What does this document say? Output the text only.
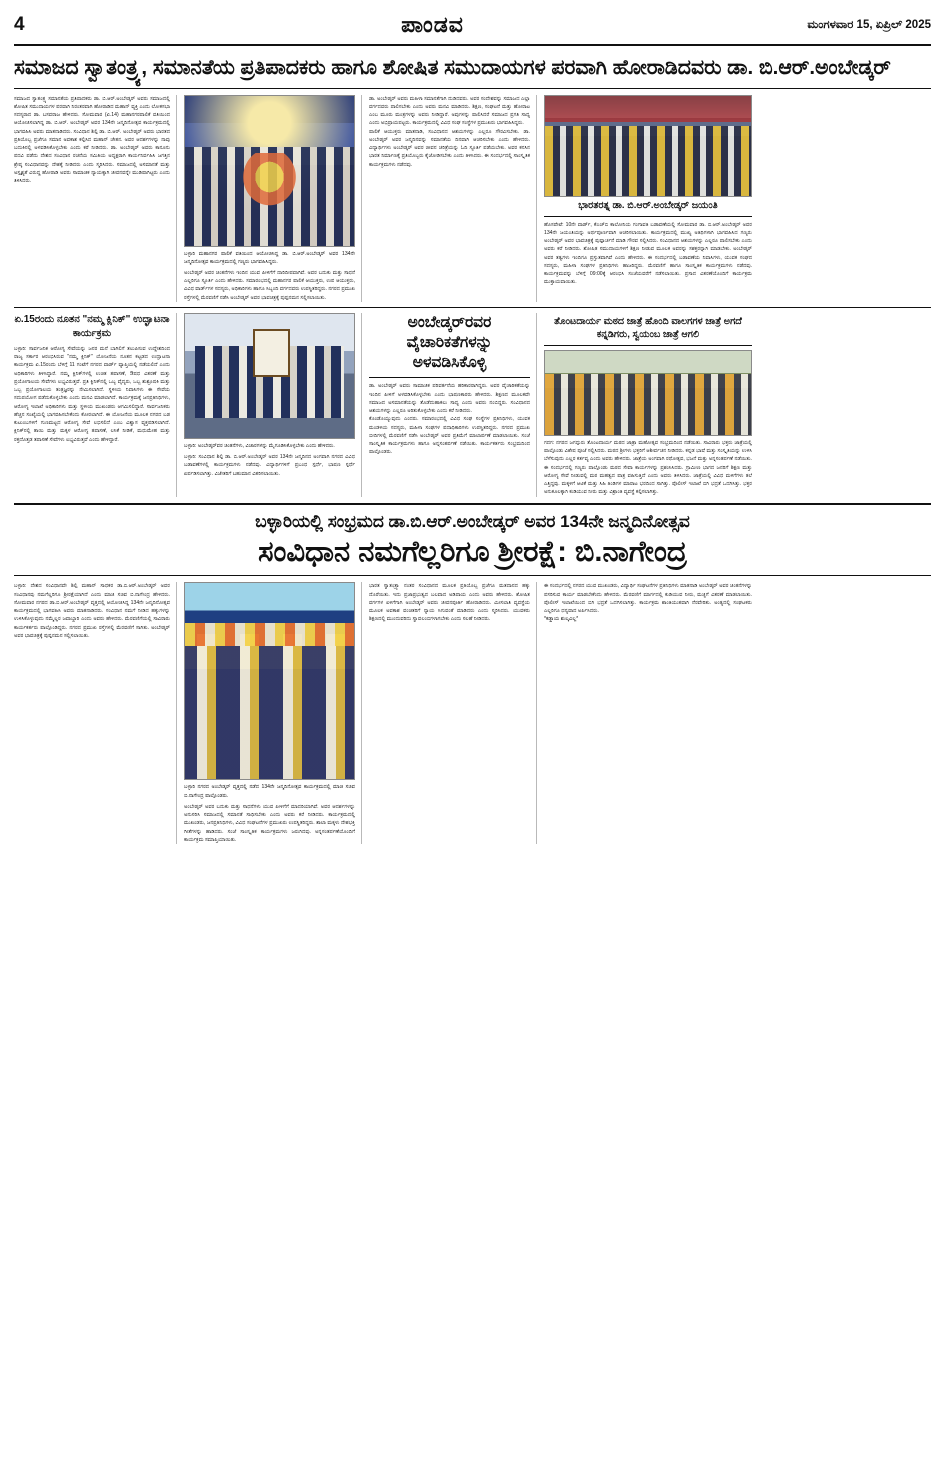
4	ಪಾಂಡವ	ಮಂಗಳವಾರ 15, ಏಪ್ರಿಲ್ 2025
ಸಮಾಜದ ಸ್ವಾತಂತ್ರ್ಯ, ಸಮಾನತೆಯ ಪ್ರತಿಪಾದಕರು ಹಾಗೂ ಶೋಷಿತ ಸಮುದಾಯಗಳ ಪರವಾಗಿ ಹೋರಾಡಿದವರು ಡಾ. ಬಿ.ಆರ್.ಅಂಬೇಡ್ಕರ್
ಸಮಾಜದ ಸ್ವಾತಂತ್ರ್ಯ ಸಮಾನತೆಯ ಪ್ರತಿಪಾದಕರು ಡಾ. ಬಿ.ಆರ್.ಅಂಬೇಡ್ಕರ್ ಅವರು ಸಮಾಜದಲ್ಲಿ ಶೋಷಿತ ಸಮುದಾಯಗಳ ಪರವಾಗಿ ನಿರಂತರವಾಗಿ ಹೋರಾಡಿದ ಮಹಾನ್ ವ್ಯಕ್ತಿ ಎಂದು ಲೋಕಸಭಾ ಸದಸ್ಯರಾದ ಡಾ. ಬಸವರಾಜ ಹೇಳಿದರು. ಸೋಮವಾರ (ಏ.14) ಮಹಾನಗರಪಾಲಿಕೆ ವತಿಯಿಂದ ಆಯೋಜಿಸಲಾಗಿದ್ದ ಡಾ. ಬಿ.ಆರ್. ಅಂಬೇಡ್ಕರ್ ಅವರ 134ನೇ ಜನ್ಮದಿನೋತ್ಸವ ಕಾರ್ಯಕ್ರಮದಲ್ಲಿ ಭಾಗವಹಿಸಿ ಅವರು ಮಾತನಾಡಿದರು. ಸಂವಿಧಾನ ಶಿಲ್ಪಿ ಡಾ. ಬಿ.ಆರ್. ಅಂಬೇಡ್ಕರ್ ಅವರು ಭಾರತದ ಪ್ರತಿಯೊಬ್ಬ ಪ್ರಜೆಗೂ ಸಮಾನ ಅವಕಾಶ ಕಲ್ಪಿಸಿದ ಮಹಾನ್ ಚೇತನ. ಅವರ ಆದರ್ಶಗಳನ್ನು ನಾವು ಬದುಕಿನಲ್ಲಿ ಅಳವಡಿಸಿಕೊಳ್ಳಬೇಕು ಎಂದು ಕರೆ ನೀಡಿದರು. ಡಾ. ಅಂಬೇಡ್ಕರ್ ಅವರು ಕಾನೂನು ಪದವಿ ಪಡೆದು ದೇಶದ ಸಂವಿಧಾನ ರಚನೆಯ ಸಮಿತಿಯ ಅಧ್ಯಕ್ಷರಾಗಿ ಕಾರ್ಯನಿರ್ವಹಿಸಿ ಜಗತ್ತಿನ ಶ್ರೇಷ್ಠ ಸಂವಿಧಾನವನ್ನು ದೇಶಕ್ಕೆ ನೀಡಿದರು ಎಂದು ಸ್ಮರಿಸಿದರು. ಸಮಾಜದಲ್ಲಿ ಅಸಮಾನತೆ ಮತ್ತು ಅಸ್ಪೃಶ್ಯತೆ ವಿರುದ್ಧ ಹೋರಾಡಿ ಅವರು ಸಾಮಾಜಿಕ ನ್ಯಾಯಕ್ಕಾಗಿ ಜೀವನವನ್ನೇ ಮುಡಿಪಾಗಿಟ್ಟರು ಎಂದು ತಿಳಿಸಿದರು.
ಬಳ್ಳಾರಿ ಮಹಾನಗರ ಪಾಲಿಕೆ ವತಿಯಿಂದ ಆಯೋಜಿಸಿದ್ದ ಡಾ. ಬಿ.ಆರ್.ಅಂಬೇಡ್ಕರ್ ಅವರ 134ನೇ ಜನ್ಮದಿನೋತ್ಸವ ಕಾರ್ಯಕ್ರಮದಲ್ಲಿ ಗಣ್ಯರು ಭಾಗವಹಿಸಿದ್ದರು.
ಅಂಬೇಡ್ಕರ್ ಅವರ ಚಿಂತನೆಗಳು ಇಂದಿನ ಯುವ ಪೀಳಿಗೆಗೆ ದಾರಿದೀಪವಾಗಿವೆ. ಅವರ ಬದುಕು ಮತ್ತು ಸಾಧನೆ ಎಲ್ಲರಿಗೂ ಸ್ಫೂರ್ತಿ ಎಂದು ಹೇಳಿದರು. ಸಮಾರಂಭದಲ್ಲಿ ಮಹಾನಗರ ಪಾಲಿಕೆ ಆಯುಕ್ತರು, ಉಪ ಆಯುಕ್ತರು, ವಿವಿಧ ವಾರ್ಡ್‌ಗಳ ಸದಸ್ಯರು, ಅಧಿಕಾರಿಗಳು ಹಾಗೂ ಸಿಬ್ಬಂದಿ ವರ್ಗದವರು ಉಪಸ್ಥಿತರಿದ್ದರು. ನಗರದ ಪ್ರಮುಖ ರಸ್ತೆಗಳಲ್ಲಿ ಮೆರವಣಿಗೆ ನಡೆಸಿ ಅಂಬೇಡ್ಕರ್ ಅವರ ಭಾವಚಿತ್ರಕ್ಕೆ ಪುಷ್ಪನಮನ ಸಲ್ಲಿಸಲಾಯಿತು.
ಡಾ. ಅಂಬೇಡ್ಕರ್ ಅವರು ಮಹಿಳಾ ಸಮಾನತೆಗಾಗಿ ದುಡಿದವರು. ಅವರ ಸಂದೇಶವನ್ನು ಸಮಾಜದ ಎಲ್ಲಾ ವರ್ಗದವರು ಪಾಲಿಸಬೇಕು ಎಂದು ಅವರು ಮನವಿ ಮಾಡಿದರು. ಶಿಕ್ಷಣ, ಸಂಘಟನೆ ಮತ್ತು ಹೋರಾಟ ಎಂಬ ಮೂರು ಮಂತ್ರಗಳನ್ನು ಅವರು ನೀಡಿದ್ದಾರೆ. ಅವುಗಳನ್ನು ಪಾಲಿಸಿದರೆ ಸಮಾಜದ ಪ್ರಗತಿ ಸಾಧ್ಯ ಎಂದು ಅಭಿಪ್ರಾಯಪಟ್ಟರು. ಕಾರ್ಯಕ್ರಮದಲ್ಲಿ ವಿವಿಧ ಸಂಘ ಸಂಸ್ಥೆಗಳ ಪ್ರಮುಖರು ಭಾಗವಹಿಸಿದ್ದರು.
ಪಾಲಿಕೆ ಆಯುಕ್ತರು ಮಾತನಾಡಿ, ಸಂವಿಧಾನದ ಆಶಯಗಳನ್ನು ಎಲ್ಲರೂ ಗೌರವಿಸಬೇಕು. ಡಾ. ಅಂಬೇಡ್ಕರ್ ಅವರ ಜನ್ಮದಿನವನ್ನು ಸಮಾನತೆಯ ದಿನವಾಗಿ ಆಚರಿಸಬೇಕು ಎಂದು ಹೇಳಿದರು. ವಿದ್ಯಾರ್ಥಿಗಳು ಅಂಬೇಡ್ಕರ್ ಅವರ ಜೀವನ ಚರಿತ್ರೆಯನ್ನು ಓದಿ ಸ್ಫೂರ್ತಿ ಪಡೆಯಬೇಕು. ಅವರ ಕನಸಿನ ಭಾರತ ನಿರ್ಮಾಣಕ್ಕೆ ಪ್ರತಿಯೊಬ್ಬರು ಕೈಜೋಡಿಸಬೇಕು ಎಂದು ತಿಳಿಸಿದರು. ಈ ಸಂದರ್ಭದಲ್ಲಿ ಸಾಂಸ್ಕೃತಿಕ ಕಾರ್ಯಕ್ರಮಗಳು ನಡೆದವು.
ಭಾರತರತ್ನ ಡಾ. ಬಿ.ಆರ್.ಅಂಬೇಡ್ಕರ್ ಜಯಂತಿ
ಹೊಸಪೇಟೆ: 10ನೇ ವಾರ್ಡ್, ಕೆಎಚ್‌ಬಿ ಕಾಲೋನಿಯ ಗಂಗಾವತಿ ಬಡಾವಣೆಯಲ್ಲಿ ಸೋಮವಾರ ಡಾ. ಬಿ.ಆರ್.ಅಂಬೇಡ್ಕರ್ ಅವರ 134ನೇ ಜಯಂತಿಯನ್ನು ಅರ್ಥಪೂರ್ಣವಾಗಿ ಆಚರಿಸಲಾಯಿತು. ಕಾರ್ಯಕ್ರಮದಲ್ಲಿ ಮುಖ್ಯ ಅತಿಥಿಗಳಾಗಿ ಭಾಗವಹಿಸಿದ ಗಣ್ಯರು ಅಂಬೇಡ್ಕರ್ ಅವರ ಭಾವಚಿತ್ರಕ್ಕೆ ಪುಷ್ಪಾರ್ಚನೆ ಮಾಡಿ ಗೌರವ ಸಲ್ಲಿಸಿದರು. ಸಂವಿಧಾನದ ಆಶಯಗಳನ್ನು ಎಲ್ಲರೂ ಪಾಲಿಸಬೇಕು ಎಂದು ಅವರು ಕರೆ ನೀಡಿದರು. ಶೋಷಿತ ಸಮುದಾಯಗಳಿಗೆ ಶಿಕ್ಷಣ ನೀಡುವ ಮೂಲಕ ಅವರನ್ನು ಸಶಕ್ತರನ್ನಾಗಿ ಮಾಡಬೇಕು. ಅಂಬೇಡ್ಕರ್ ಅವರ ತತ್ವಗಳು ಇಂದಿಗೂ ಪ್ರಸ್ತುತವಾಗಿವೆ ಎಂದು ಹೇಳಿದರು. ಈ ಸಂದರ್ಭದಲ್ಲಿ ಬಡಾವಣೆಯ ನಿವಾಸಿಗಳು, ಯುವಕ ಸಂಘದ ಸದಸ್ಯರು, ಮಹಿಳಾ ಸಂಘಗಳ ಪ್ರತಿನಿಧಿಗಳು ಹಾಜರಿದ್ದರು. ಮೆರವಣಿಗೆ ಹಾಗೂ ಸಾಂಸ್ಕೃತಿಕ ಕಾರ್ಯಕ್ರಮಗಳು ನಡೆದವು. ಕಾರ್ಯಕ್ರಮವನ್ನು ಬೆಳಿಗ್ಗೆ 09:00ಕ್ಕೆ ಆರಂಭಿಸಿ ಸಂಜೆಯವರೆಗೆ ನಡೆಸಲಾಯಿತು. ಪ್ರಸಾದ ವಿತರಣೆಯೊಂದಿಗೆ ಕಾರ್ಯಕ್ರಮ ಮುಕ್ತಾಯವಾಯಿತು.
ಏ.15ರಂದು ನೂತನ "ನಮ್ಮ ಕ್ಲಿನಿಕ್" ಉದ್ಘಾಟನಾ ಕಾರ್ಯಕ್ರಮ
ಬಳ್ಳಾರಿ: ಸಾರ್ವಜನಿಕ ಆರೋಗ್ಯ ಸೇವೆಯನ್ನು ಜನರ ಮನೆ ಬಾಗಿಲಿಗೆ ತಲುಪಿಸುವ ಉದ್ದೇಶದಿಂದ ರಾಜ್ಯ ಸರ್ಕಾರ ಆರಂಭಿಸಿರುವ "ನಮ್ಮ ಕ್ಲಿನಿಕ್" ಯೋಜನೆಯ ನೂತನ ಕಟ್ಟಡದ ಉದ್ಘಾಟನಾ ಕಾರ್ಯಕ್ರಮ ಏ.15ರಂದು ಬೆಳಿಗ್ಗೆ 11 ಗಂಟೆಗೆ ನಗರದ ವಾರ್ಡ್ ವ್ಯಾಪ್ತಿಯಲ್ಲಿ ನಡೆಯಲಿದೆ ಎಂದು ಅಧಿಕಾರಿಗಳು ತಿಳಿಸಿದ್ದಾರೆ. ನಮ್ಮ ಕ್ಲಿನಿಕ್‌ಗಳಲ್ಲಿ ಉಚಿತ ತಪಾಸಣೆ, ಔಷಧ ವಿತರಣೆ ಮತ್ತು ಪ್ರಯೋಗಾಲಯ ಸೇವೆಗಳು ಲಭ್ಯವಿರುತ್ತವೆ. ಪ್ರತಿ ಕ್ಲಿನಿಕ್‌ನಲ್ಲಿ ಒಬ್ಬ ವೈದ್ಯರು, ಒಬ್ಬ ಶುಶ್ರೂಷಕಿ ಮತ್ತು ಒಬ್ಬ ಪ್ರಯೋಗಾಲಯ ತಂತ್ರಜ್ಞರನ್ನು ನೇಮಿಸಲಾಗಿದೆ. ಸ್ಥಳೀಯ ನಿವಾಸಿಗಳು ಈ ಸೇವೆಯ ಸದುಪಯೋಗ ಪಡೆದುಕೊಳ್ಳಬೇಕು ಎಂದು ಮನವಿ ಮಾಡಲಾಗಿದೆ. ಕಾರ್ಯಕ್ರಮಕ್ಕೆ ಜನಪ್ರತಿನಿಧಿಗಳು, ಆರೋಗ್ಯ ಇಲಾಖೆ ಅಧಿಕಾರಿಗಳು ಮತ್ತು ಸ್ಥಳೀಯ ಮುಖಂಡರು ಆಗಮಿಸಲಿದ್ದಾರೆ. ಸಾರ್ವಜನಿಕರು ಹೆಚ್ಚಿನ ಸಂಖ್ಯೆಯಲ್ಲಿ ಭಾಗವಹಿಸಬೇಕೆಂದು ಕೋರಲಾಗಿದೆ. ಈ ಯೋಜನೆಯ ಮೂಲಕ ನಗರದ ಬಡ ಕುಟುಂಬಗಳಿಗೆ ಗುಣಮಟ್ಟದ ಆರೋಗ್ಯ ಸೇವೆ ಲಭಿಸಲಿದೆ ಎಂಬ ವಿಶ್ವಾಸ ವ್ಯಕ್ತಪಡಿಸಲಾಗಿದೆ. ಕ್ಲಿನಿಕ್‌ನಲ್ಲಿ ತಾಯಿ ಮತ್ತು ಮಕ್ಕಳ ಆರೋಗ್ಯ ತಪಾಸಣೆ, ಲಸಿಕೆ ನೀಡಿಕೆ, ಮಧುಮೇಹ ಮತ್ತು ರಕ್ತದೊತ್ತಡ ತಪಾಸಣೆ ಸೇವೆಗಳು ಲಭ್ಯವಿರುತ್ತವೆ ಎಂದು ಹೇಳಿದ್ದಾರೆ.
ಬಳ್ಳಾರಿ: ಅಂಬೇಡ್ಕರ್‌ವರ ಚಿಂತನೆಗಳು, ವಿಚಾರಗಳನ್ನು ಮೈಗೂಡಿಸಿಕೊಳ್ಳಬೇಕು ಎಂದು ಹೇಳಿದರು.
ಬಳ್ಳಾರಿ: ಸಂವಿಧಾನ ಶಿಲ್ಪಿ ಡಾ. ಬಿ.ಆರ್.ಅಂಬೇಡ್ಕರ್ ಅವರ 134ನೇ ಜನ್ಮದಿನದ ಅಂಗವಾಗಿ ನಗರದ ವಿವಿಧ ಬಡಾವಣೆಗಳಲ್ಲಿ ಕಾರ್ಯಕ್ರಮಗಳು ನಡೆದವು. ವಿದ್ಯಾರ್ಥಿಗಳಿಗೆ ಪ್ರಬಂಧ ಸ್ಪರ್ಧೆ, ಭಾಷಣ ಸ್ಪರ್ಧೆ ಏರ್ಪಡಿಸಲಾಗಿತ್ತು. ವಿಜೇತರಿಗೆ ಬಹುಮಾನ ವಿತರಿಸಲಾಯಿತು.
ಅಂಬೇಡ್ಕರ್‌ರವರ ವೈಚಾರಿಕತೆಗಳನ್ನು ಅಳವಡಿಸಿಕೊಳ್ಳಿ
ಡಾ. ಅಂಬೇಡ್ಕರ್ ಅವರು ಸಾಮಾಜಿಕ ಪರಿವರ್ತನೆಯ ಹರಿಕಾರರಾಗಿದ್ದರು. ಅವರ ವೈಚಾರಿಕತೆಯನ್ನು ಇಂದಿನ ಪೀಳಿಗೆ ಅಳವಡಿಸಿಕೊಳ್ಳಬೇಕು ಎಂದು ಭಾಷಣಕಾರರು ಹೇಳಿದರು. ಶಿಕ್ಷಣದ ಮೂಲಕವೇ ಸಮಾಜದ ಅಸಮಾನತೆಯನ್ನು ತೊಡೆದುಹಾಕಲು ಸಾಧ್ಯ ಎಂದು ಅವರು ನಂಬಿದ್ದರು. ಸಂವಿಧಾನದ ಆಶಯಗಳನ್ನು ಎಲ್ಲರೂ ಅರಿತುಕೊಳ್ಳಬೇಕು ಎಂದು ಕರೆ ನೀಡಿದರು.
ಕೊಂಡೊಯ್ಯುವುದು ಎಂದರು. ಸಮಾರಂಭದಲ್ಲಿ ವಿವಿಧ ಸಂಘ ಸಂಸ್ಥೆಗಳ ಪ್ರತಿನಿಧಿಗಳು, ಯುವಕ ಮಂಡಳಿಯ ಸದಸ್ಯರು, ಮಹಿಳಾ ಸಂಘಗಳ ಪದಾಧಿಕಾರಿಗಳು ಉಪಸ್ಥಿತರಿದ್ದರು. ನಗರದ ಪ್ರಮುಖ ಬೀದಿಗಳಲ್ಲಿ ಮೆರವಣಿಗೆ ನಡೆಸಿ ಅಂಬೇಡ್ಕರ್ ಅವರ ಪ್ರತಿಮೆಗೆ ಮಾಲಾರ್ಪಣೆ ಮಾಡಲಾಯಿತು. ಸಂಜೆ ಸಾಂಸ್ಕೃತಿಕ ಕಾರ್ಯಕ್ರಮಗಳು ಹಾಗೂ ಅನ್ನಸಂತರ್ಪಣೆ ನಡೆಯಿತು. ಕಾರ್ಯಕರ್ತರು ಸಂಭ್ರಮದಿಂದ ಪಾಲ್ಗೊಂಡರು.
ತೊಂಟದಾರ್ಯ ಮಠದ ಜಾತ್ರೆ ಹೊಂದಿ ವಾಲಗಗಳ ಜಾತ್ರೆ ಅಗದೆ ಕನ್ನಡಿಗರು, ಸ್ವಯಂಬ ಜಾತ್ರೆ ಆಗಲಿ
ಗದಗ: ನಗರದ ಜಗದ್ಗುರು ತೊಂಟದಾರ್ಯ ಮಠದ ಜಾತ್ರಾ ಮಹೋತ್ಸವ ಸಂಭ್ರಮದಿಂದ ನಡೆಯಿತು. ಸಾವಿರಾರು ಭಕ್ತರು ಜಾತ್ರೆಯಲ್ಲಿ ಪಾಲ್ಗೊಂಡು ವಿಶೇಷ ಪೂಜೆ ಸಲ್ಲಿಸಿದರು. ಮಠದ ಶ್ರೀಗಳು ಭಕ್ತರಿಗೆ ಆಶೀರ್ವಚನ ನೀಡಿದರು. ಕನ್ನಡ ಭಾಷೆ ಮತ್ತು ಸಂಸ್ಕೃತಿಯನ್ನು ಉಳಿಸಿ ಬೆಳೆಸುವುದು ಎಲ್ಲರ ಕರ್ತವ್ಯ ಎಂದು ಅವರು ಹೇಳಿದರು. ಜಾತ್ರೆಯ ಅಂಗವಾಗಿ ರಥೋತ್ಸವ, ಭಜನೆ ಮತ್ತು ಅನ್ನಸಂತರ್ಪಣೆ ನಡೆಯಿತು. ಈ ಸಂದರ್ಭದಲ್ಲಿ ಗಣ್ಯರು ಪಾಲ್ಗೊಂಡು ಮಠದ ಸೇವಾ ಕಾರ್ಯಗಳನ್ನು ಪ್ರಶಂಸಿಸಿದರು. ಗ್ರಾಮೀಣ ಭಾಗದ ಜನರಿಗೆ ಶಿಕ್ಷಣ ಮತ್ತು ಆರೋಗ್ಯ ಸೇವೆ ನೀಡುವಲ್ಲಿ ಮಠ ಮಹತ್ವದ ಪಾತ್ರ ವಹಿಸುತ್ತಿದೆ ಎಂದು ಅವರು ತಿಳಿಸಿದರು. ಜಾತ್ರೆಯಲ್ಲಿ ವಿವಿಧ ಮಳಿಗೆಗಳು ತಲೆ ಎತ್ತಿದ್ದವು. ಮಕ್ಕಳಿಗೆ ಆಟಿಕೆ ಮತ್ತು ಸಿಹಿ ತಿಂಡಿಗಳ ಮಾರಾಟ ಭರದಿಂದ ಸಾಗಿತ್ತು. ಪೊಲೀಸ್ ಇಲಾಖೆ ಬಿಗಿ ಭದ್ರತೆ ಒದಗಿಸಿತ್ತು. ಭಕ್ತರ ಅನುಕೂಲಕ್ಕಾಗಿ ಕುಡಿಯುವ ನೀರು ಮತ್ತು ವಿಶ್ರಾಂತಿ ವ್ಯವಸ್ಥೆ ಕಲ್ಪಿಸಲಾಗಿತ್ತು.
ಬಳ್ಳಾರಿಯಲ್ಲಿ ಸಂಭ್ರಮದ ಡಾ.ಬಿ.ಆರ್.ಅಂಬೇಡ್ಕರ್ ಅವರ 134ನೇ ಜನ್ಮದಿನೋತ್ಸವ
ಸಂವಿಧಾನ ನಮಗೆಲ್ಲರಿಗೂ ಶ್ರೀರಕ್ಷೆ: ಬಿ.ನಾಗೇಂದ್ರ
ಬಳ್ಳಾರಿ: ದೇಶದ ಸಂವಿಧಾನವೇ ಶಿಲ್ಪಿ ಮಹಾನ್ ಸಾಧಕರ ಡಾ.ಬಿ.ಆರ್.ಅಂಬೇಡ್ಕರ್ ಅವರ ಸಂವಿಧಾನವು ನಮಗೆಲ್ಲರಿಗೂ ಶ್ರೀರಕ್ಷೆಯಾಗಿದೆ ಎಂದು ಮಾಜಿ ಸಚಿವ ಬಿ.ನಾಗೇಂದ್ರ ಹೇಳಿದರು. ಸೋಮವಾರ ನಗರದ ಡಾ.ಬಿ.ಆರ್.ಅಂಬೇಡ್ಕರ್ ವೃತ್ತದಲ್ಲಿ ಆಯೋಜಿಸಿದ್ದ 134ನೇ ಜನ್ಮದಿನೋತ್ಸವ ಕಾರ್ಯಕ್ರಮದಲ್ಲಿ ಭಾಗವಹಿಸಿ ಅವರು ಮಾತನಾಡಿದರು. ಸಂವಿಧಾನ ನಮಗೆ ನೀಡಿದ ಹಕ್ಕುಗಳನ್ನು ಉಳಿಸಿಕೊಳ್ಳುವುದು ನಮ್ಮೆಲ್ಲರ ಜವಾಬ್ದಾರಿ ಎಂದು ಅವರು ಹೇಳಿದರು. ಮೆರವಣಿಗೆಯಲ್ಲಿ ಸಾವಿರಾರು ಕಾರ್ಯಕರ್ತರು ಪಾಲ್ಗೊಂಡಿದ್ದರು. ನಗರದ ಪ್ರಮುಖ ರಸ್ತೆಗಳಲ್ಲಿ ಮೆರವಣಿಗೆ ಸಾಗಿತು. ಅಂಬೇಡ್ಕರ್ ಅವರ ಭಾವಚಿತ್ರಕ್ಕೆ ಪುಷ್ಪನಮನ ಸಲ್ಲಿಸಲಾಯಿತು.
ಬಳ್ಳಾರಿ ನಗರದ ಅಂಬೇಡ್ಕರ್ ವೃತ್ತದಲ್ಲಿ ನಡೆದ 134ನೇ ಜನ್ಮದಿನೋತ್ಸವ ಕಾರ್ಯಕ್ರಮದಲ್ಲಿ ಮಾಜಿ ಸಚಿವ ಬಿ.ನಾಗೇಂದ್ರ ಪಾಲ್ಗೊಂಡರು.
ಅಂಬೇಡ್ಕರ್ ಅವರ ಬದುಕು ಮತ್ತು ಸಾಧನೆಗಳು ಯುವ ಪೀಳಿಗೆಗೆ ಮಾದರಿಯಾಗಿವೆ. ಅವರ ಆದರ್ಶಗಳನ್ನು ಅನುಸರಿಸಿ ಸಮಾಜದಲ್ಲಿ ಸಮಾನತೆ ಸಾಧಿಸಬೇಕು ಎಂದು ಅವರು ಕರೆ ನೀಡಿದರು. ಕಾರ್ಯಕ್ರಮದಲ್ಲಿ ಮುಖಂಡರು, ಜನಪ್ರತಿನಿಧಿಗಳು, ವಿವಿಧ ಸಂಘಟನೆಗಳ ಪ್ರಮುಖರು ಉಪಸ್ಥಿತರಿದ್ದರು. ಶಾಲಾ ಮಕ್ಕಳು ದೇಶಭಕ್ತಿ ಗೀತೆಗಳನ್ನು ಹಾಡಿದರು. ಸಂಜೆ ಸಾಂಸ್ಕೃತಿಕ ಕಾರ್ಯಕ್ರಮಗಳು ಜರುಗಿದವು. ಅನ್ನಸಂತರ್ಪಣೆಯೊಂದಿಗೆ ಕಾರ್ಯಕ್ರಮ ಸಮಾಪ್ತಿಯಾಯಿತು.
ಭಾರತ ಸ್ವಾತಂತ್ರ್ಯಾ ನಂತರ ಸಂವಿಧಾನದ ಮೂಲಕ ಪ್ರತಿಯೊಬ್ಬ ಪ್ರಜೆಗೂ ಮತದಾನದ ಹಕ್ಕು ದೊರೆಯಿತು. ಇದು ಪ್ರಜಾಪ್ರಭುತ್ವದ ಬಲವಾದ ಅಡಿಪಾಯ ಎಂದು ಅವರು ಹೇಳಿದರು. ಶೋಷಿತ ವರ್ಗಗಳ ಏಳಿಗೆಗಾಗಿ ಅಂಬೇಡ್ಕರ್ ಅವರು ಜೀವನಪೂರ್ತಿ ಹೋರಾಡಿದರು. ಮೀಸಲಾತಿ ವ್ಯವಸ್ಥೆಯ ಮೂಲಕ ಅವಕಾಶ ವಂಚಿತರಿಗೆ ನ್ಯಾಯ ಸಿಗುವಂತೆ ಮಾಡಿದರು ಎಂದು ಸ್ಮರಿಸಿದರು. ಯುವಕರು ಶಿಕ್ಷಣದಲ್ಲಿ ಮುಂದುವರಿದು ಸ್ವಾವಲಂಬಿಗಳಾಗಬೇಕು ಎಂದು ಸಲಹೆ ನೀಡಿದರು.
ಈ ಸಂದರ್ಭದಲ್ಲಿ ನಗರದ ಯುವ ಮುಖಂಡರು, ವಿದ್ಯಾರ್ಥಿ ಸಂಘಟನೆಗಳ ಪ್ರತಿನಿಧಿಗಳು ಮಾತನಾಡಿ ಅಂಬೇಡ್ಕರ್ ಅವರ ಚಿಂತನೆಗಳನ್ನು ಪಸರಿಸುವ ಕಾರ್ಯ ಮಾಡಬೇಕೆಂದು ಹೇಳಿದರು. ಮೆರವಣಿಗೆ ಮಾರ್ಗದಲ್ಲಿ ಕುಡಿಯುವ ನೀರು, ಮಜ್ಜಿಗೆ ವಿತರಣೆ ಮಾಡಲಾಯಿತು. ಪೊಲೀಸ್ ಇಲಾಖೆಯಿಂದ ಬಿಗಿ ಭದ್ರತೆ ಒದಗಿಸಲಾಗಿತ್ತು. ಕಾರ್ಯಕ್ರಮ ಶಾಂತಿಯುತವಾಗಿ ನೆರವೇರಿತು. ಅಂತ್ಯದಲ್ಲಿ ಸಂಘಟಕರು ಎಲ್ಲರಿಗೂ ಧನ್ಯವಾದ ಅರ್ಪಿಸಿದರು.
*ಕಡ್ಡಾಯ ಶುಲ್ಕವಿಲ್ಲ*
